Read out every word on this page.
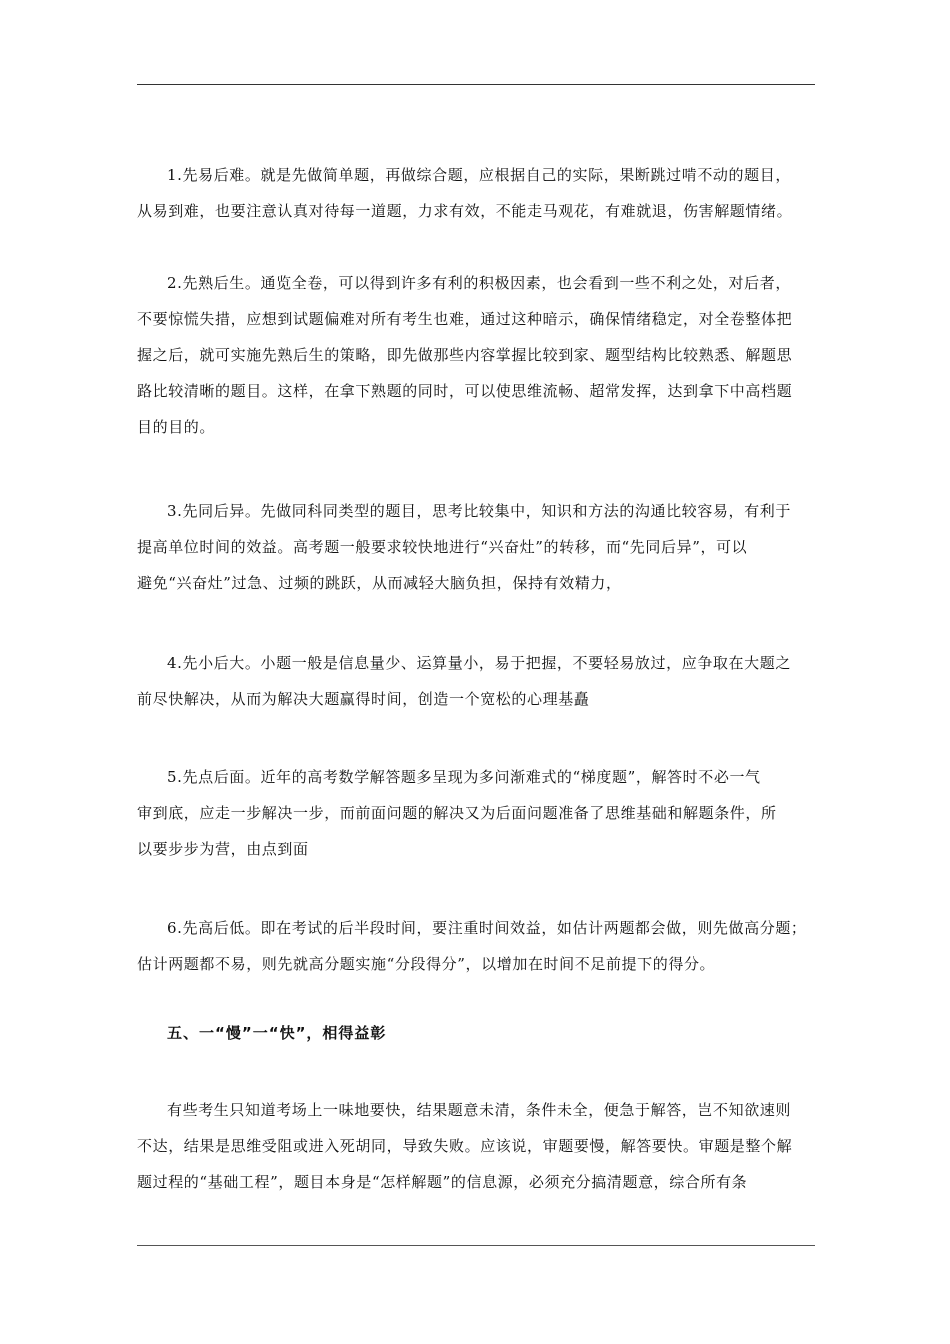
1.先易后难。就是先做简单题，再做综合题，应根据自己的实际，果断跳过啃不动的题目，
从易到难，也要注意认真对待每一道题，力求有效，不能走马观花，有难就退，伤害解题情绪。
2.先熟后生。通览全卷，可以得到许多有利的积极因素，也会看到一些不利之处，对后者，
不要惊慌失措，应想到试题偏难对所有考生也难，通过这种暗示，确保情绪稳定，对全卷整体把
握之后，就可实施先熟后生的策略，即先做那些内容掌握比较到家、题型结构比较熟悉、解题思
路比较清晰的题目。这样，在拿下熟题的同时，可以使思维流畅、超常发挥，达到拿下中高档题
目的目的。
3.先同后异。先做同科同类型的题目，思考比较集中，知识和方法的沟通比较容易，有利于
提高单位时间的效益。高考题一般要求较快地进行“兴奋灶”的转移，而“先同后异”，可以
避免“兴奋灶”过急、过频的跳跃，从而减轻大脑负担，保持有效精力，
4.先小后大。小题一般是信息量少、运算量小，易于把握，不要轻易放过，应争取在大题之
前尽快解决，从而为解决大题赢得时间，创造一个宽松的心理基矗
5.先点后面。近年的高考数学解答题多呈现为多问渐难式的“梯度题”，解答时不必一气
审到底，应走一步解决一步，而前面问题的解决又为后面问题准备了思维基础和解题条件，所
以要步步为营，由点到面
6.先高后低。即在考试的后半段时间，要注重时间效益，如估计两题都会做，则先做高分题；
估计两题都不易，则先就高分题实施“分段得分”，以增加在时间不足前提下的得分。
五、一“慢”一“快”，相得益彰
有些考生只知道考场上一味地要快，结果题意未清，条件未全，便急于解答，岂不知欲速则
不达，结果是思维受阻或进入死胡同，导致失败。应该说，审题要慢，解答要快。审题是整个解
题过程的“基础工程”，题目本身是“怎样解题”的信息源，必须充分搞清题意，综合所有条
